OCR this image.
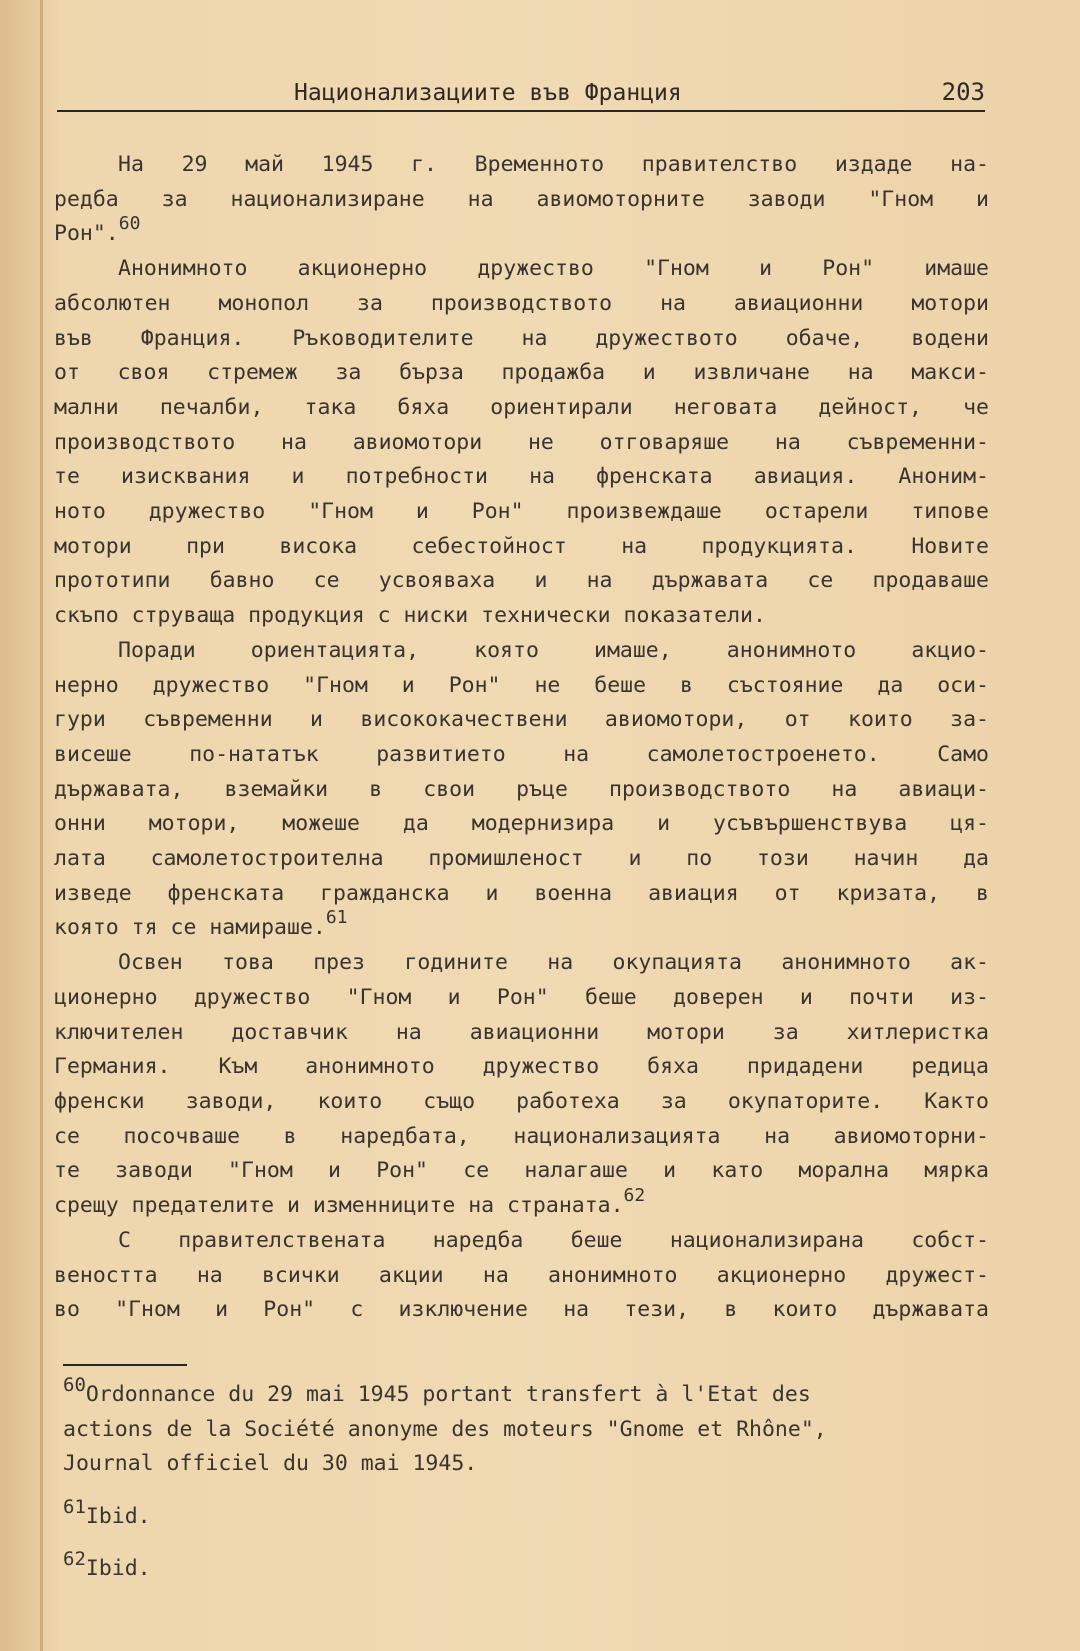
Национализациите във Франция	203
На 29 май 1945 г. Временното правителство издаде на-
редба за национализиране на авиомоторните заводи "Гном и
Рон".$^{60}$
Анонимното акционерно дружество "Гном и Рон" имаше
абсолютен монопол за производството на авиационни мотори
във Франция. Ръководителите на дружеството обаче, водени
от своя стремеж за бърза продажба и извличане на макси-
мални печалби, така бяха ориентирали неговата дейност, че
производството на авиомотори не отговаряше на съвременни-
те изисквания и потребности на френската авиация. Аноним-
ното дружество "Гном и Рон" произвеждаше остарели типове
мотори при висока себестойност на продукцията. Новите
прототипи бавно се усвояваха и на държавата се продаваше
скъпо струваща продукция с ниски технически показатели.
Поради ориентацията, която имаше, анонимното акцио-
нерно дружество "Гном и Рон" не беше в състояние да оси-
гури съвременни и висококачествени авиомотори, от които за-
висеше по-нататък развитието на самолетостроенето. Само
държавата, вземайки в свои ръце производството на авиаци-
онни мотори, можеше да модернизира и усъвършенствува ця-
лата самолетостроителна промишленост и по този начин да
изведе френската гражданска и военна авиация от кризата, в
която тя се намираше.$^{61}$
Освен това през годините на окупацията анонимното ак-
ционерно дружество "Гном и Рон" беше доверен и почти из-
ключителен доставчик на авиационни мотори за хитлеристка
Германия. Към анонимното дружество бяха придадени редица
френски заводи, които също работеха за окупаторите. Както
се посочваше в наредбата, национализацията на авиомоторни-
те заводи "Гном и Рон" се налагаше и като морална мярка
срещу предателите и изменниците на страната.$^{62}$
С правителствената наредба беше национализирана собст-
веността на всички акции на анонимното акционерно дружест-
во "Гном и Рон" с изключение на тези, в които държавата
60Ordonnance du 29 mai 1945 portant transfert à l'Etat des
actions de la Société anonyme des moteurs "Gnome et Rhône",
Journal officiel du 30 mai 1945.
61Ibid.
62Ibid.
